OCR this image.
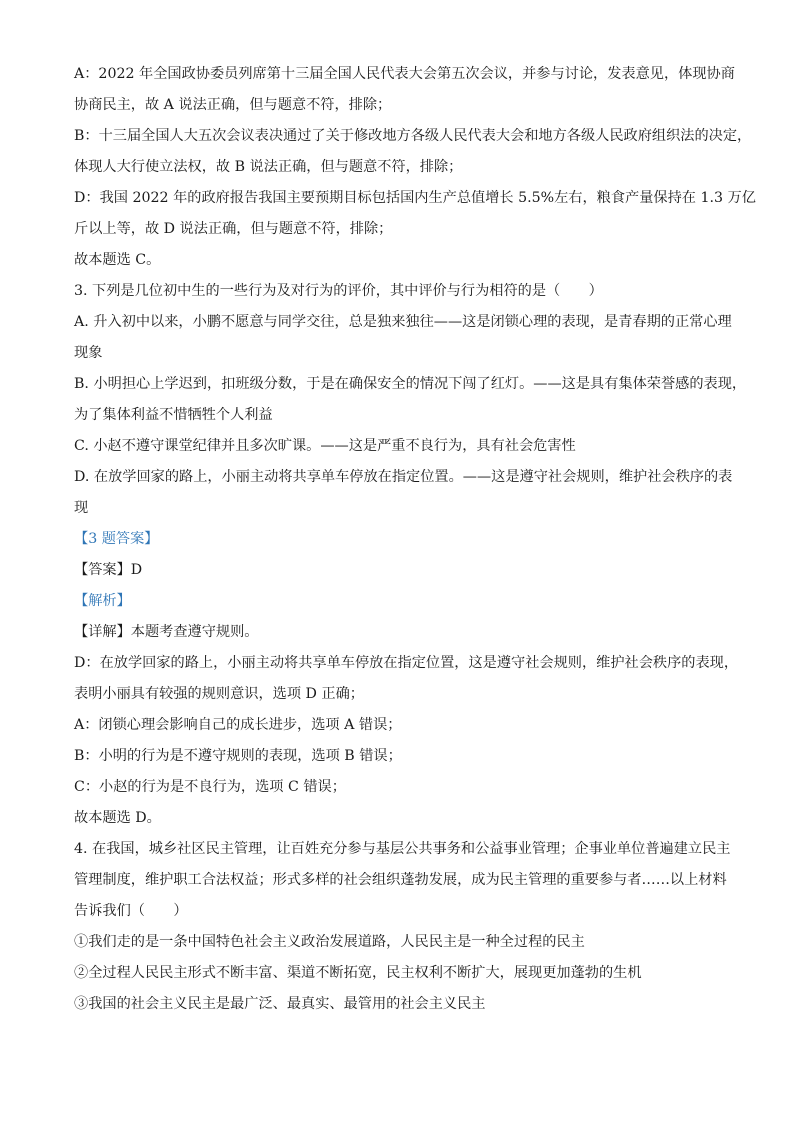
A：2022 年全国政协委员列席第十三届全国人民代表大会第五次会议，并参与讨论，发表意见，体现协商
协商民主，故 A 说法正确，但与题意不符，排除；
B：十三届全国人大五次会议表决通过了关于修改地方各级人民代表大会和地方各级人民政府组织法的决定，
体现人大行使立法权，故 B 说法正确，但与题意不符，排除；
D：我国 2022 年的政府报告我国主要预期目标包括国内生产总值增长 5.5%左右，粮食产量保持在 1.3 万亿
斤以上等，故 D 说法正确，但与题意不符，排除；
故本题选 C。
3. 下列是几位初中生的一些行为及对行为的评价，其中评价与行为相符的是（　　）
A. 升入初中以来，小鹏不愿意与同学交往，总是独来独往——这是闭锁心理的表现，是青春期的正常心理
现象
B. 小明担心上学迟到，扣班级分数，于是在确保安全的情况下闯了红灯。——这是具有集体荣誉感的表现，
为了集体利益不惜牺牲个人利益
C. 小赵不遵守课堂纪律并且多次旷课。——这是严重不良行为，具有社会危害性
D. 在放学回家的路上，小丽主动将共享单车停放在指定位置。——这是遵守社会规则，维护社会秩序的表
现
【3 题答案】
【答案】D
【解析】
【详解】本题考查遵守规则。
D：在放学回家的路上，小丽主动将共享单车停放在指定位置，这是遵守社会规则，维护社会秩序的表现，
表明小丽具有较强的规则意识，选项 D 正确；
A：闭锁心理会影响自己的成长进步，选项 A 错误；
B：小明的行为是不遵守规则的表现，选项 B 错误；
C：小赵的行为是不良行为，选项 C 错误；
故本题选 D。
4. 在我国，城乡社区民主管理，让百姓充分参与基层公共事务和公益事业管理；企事业单位普遍建立民主
管理制度，维护职工合法权益；形式多样的社会组织蓬勃发展，成为民主管理的重要参与者……以上材料
告诉我们（　　）
①我们走的是一条中国特色社会主义政治发展道路，人民民主是一种全过程的民主
②全过程人民民主形式不断丰富、渠道不断拓宽，民主权利不断扩大，展现更加蓬勃的生机
③我国的社会主义民主是最广泛、最真实、最管用的社会主义民主
